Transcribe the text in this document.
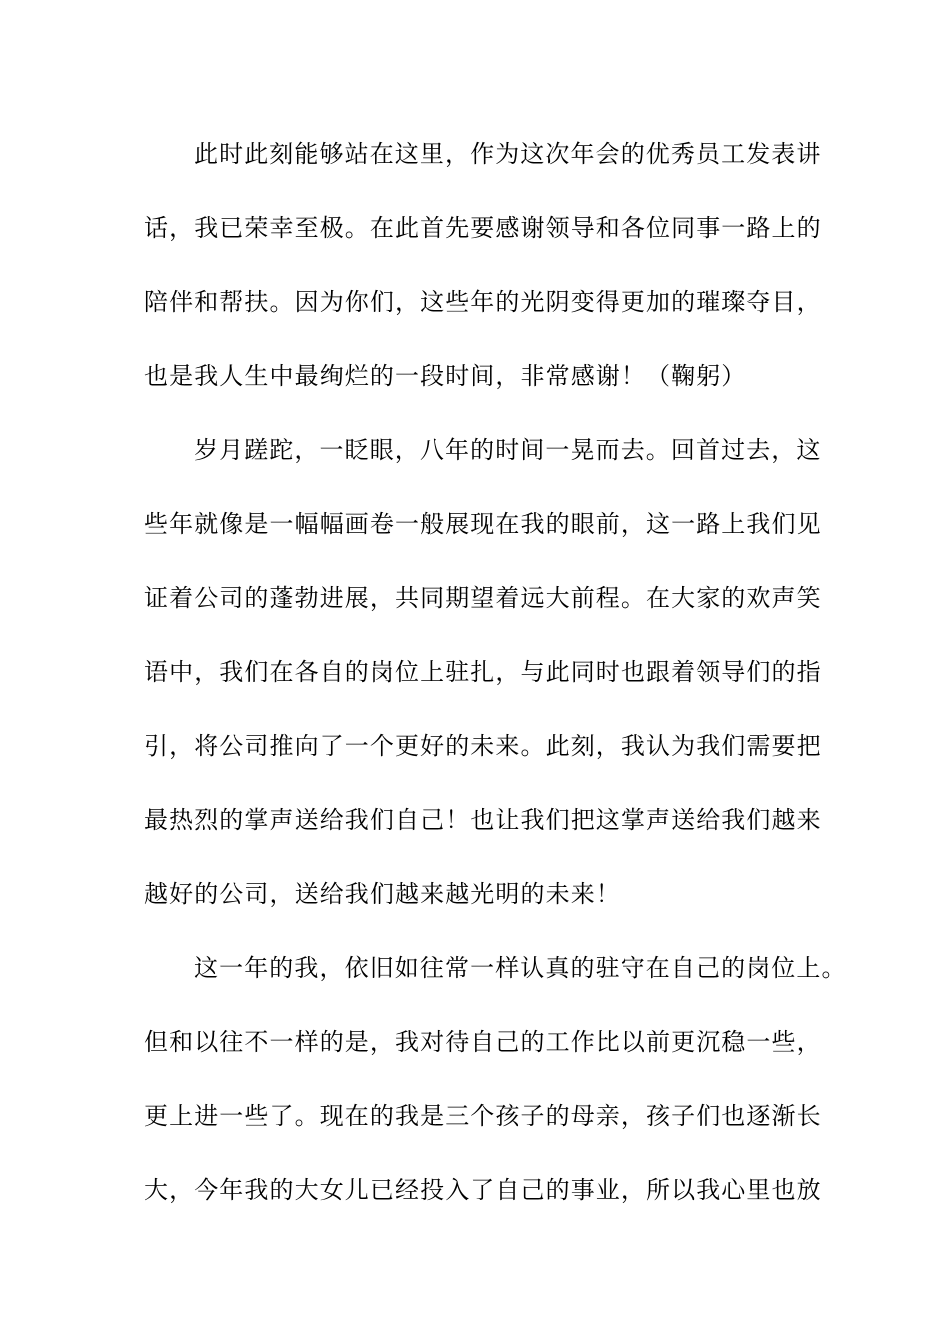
此时此刻能够站在这里，作为这次年会的优秀员工发表讲
话，我已荣幸至极。在此首先要感谢领导和各位同事一路上的
陪伴和帮扶。因为你们，这些年的光阴变得更加的璀璨夺目，
也是我人生中最绚烂的一段时间，非常感谢！（鞠躬）
岁月蹉跎，一眨眼，八年的时间一晃而去。回首过去，这
些年就像是一幅幅画卷一般展现在我的眼前，这一路上我们见
证着公司的蓬勃进展，共同期望着远大前程。在大家的欢声笑
语中，我们在各自的岗位上驻扎，与此同时也跟着领导们的指
引，将公司推向了一个更好的未来。此刻，我认为我们需要把
最热烈的掌声送给我们自己！也让我们把这掌声送给我们越来
越好的公司，送给我们越来越光明的未来！
这一年的我，依旧如往常一样认真的驻守在自己的岗位上。
但和以往不一样的是，我对待自己的工作比以前更沉稳一些，
更上进一些了。现在的我是三个孩子的母亲，孩子们也逐渐长
大，今年我的大女儿已经投入了自己的事业，所以我心里也放
